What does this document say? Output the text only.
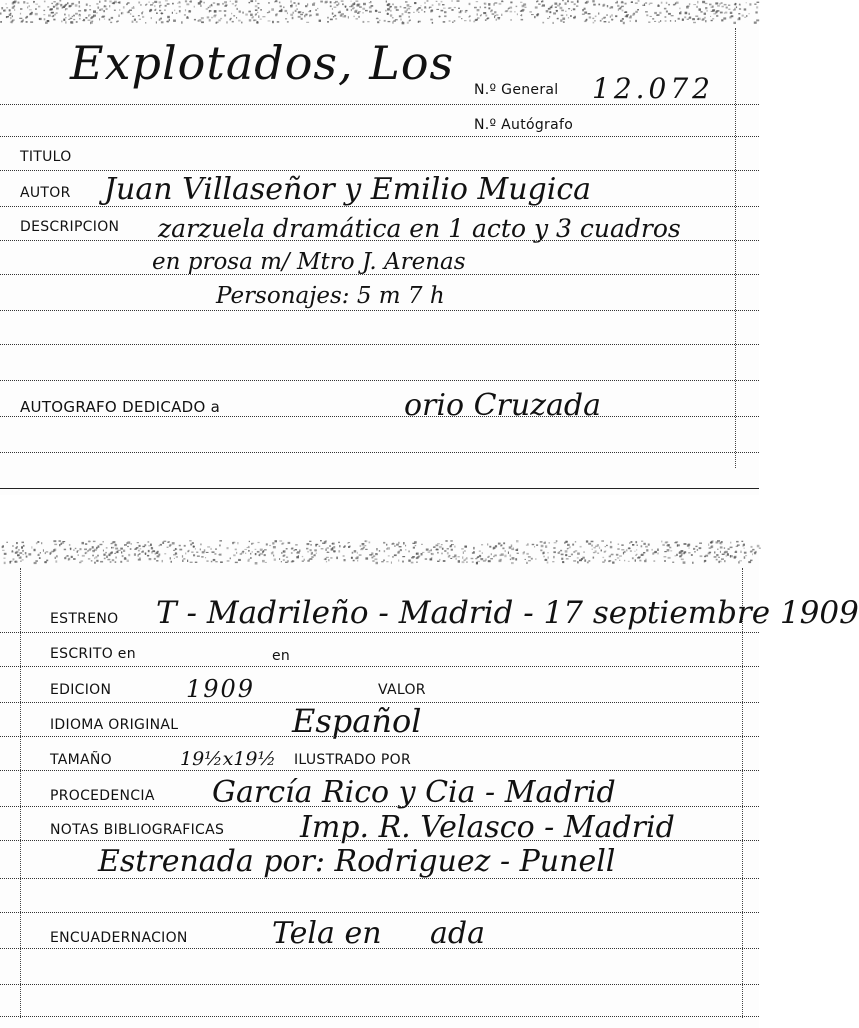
Explotados, Los N.º General 12.072
N.º Autógrafo
TITULO
AUTOR Juan Villaseñor y Emilio Mugica
DESCRIPCION zarzuela dramática en 1 acto y 3 cuadros
en prosa m/ Mtro J. Arenas
Personajes: 5 m 7 h
AUTOGRAFO DEDICADO a	orio Cruzada
ESTRENO T - Madrileño - Madrid - 17 septiembre 1909
ESCRITO en	en
EDICION	1909	VALOR
IDIOMA ORIGINAL	Español
TAMAÑO	19½x19½ ILUSTRADO POR
PROCEDENCIA García Rico y Cia - Madrid
NOTAS BIBLIOGRAFICAS	Imp. R. Velasco - Madrid
Estrenada por: Rodriguez - Punell
ENCUADERNACION	Tela en ada
